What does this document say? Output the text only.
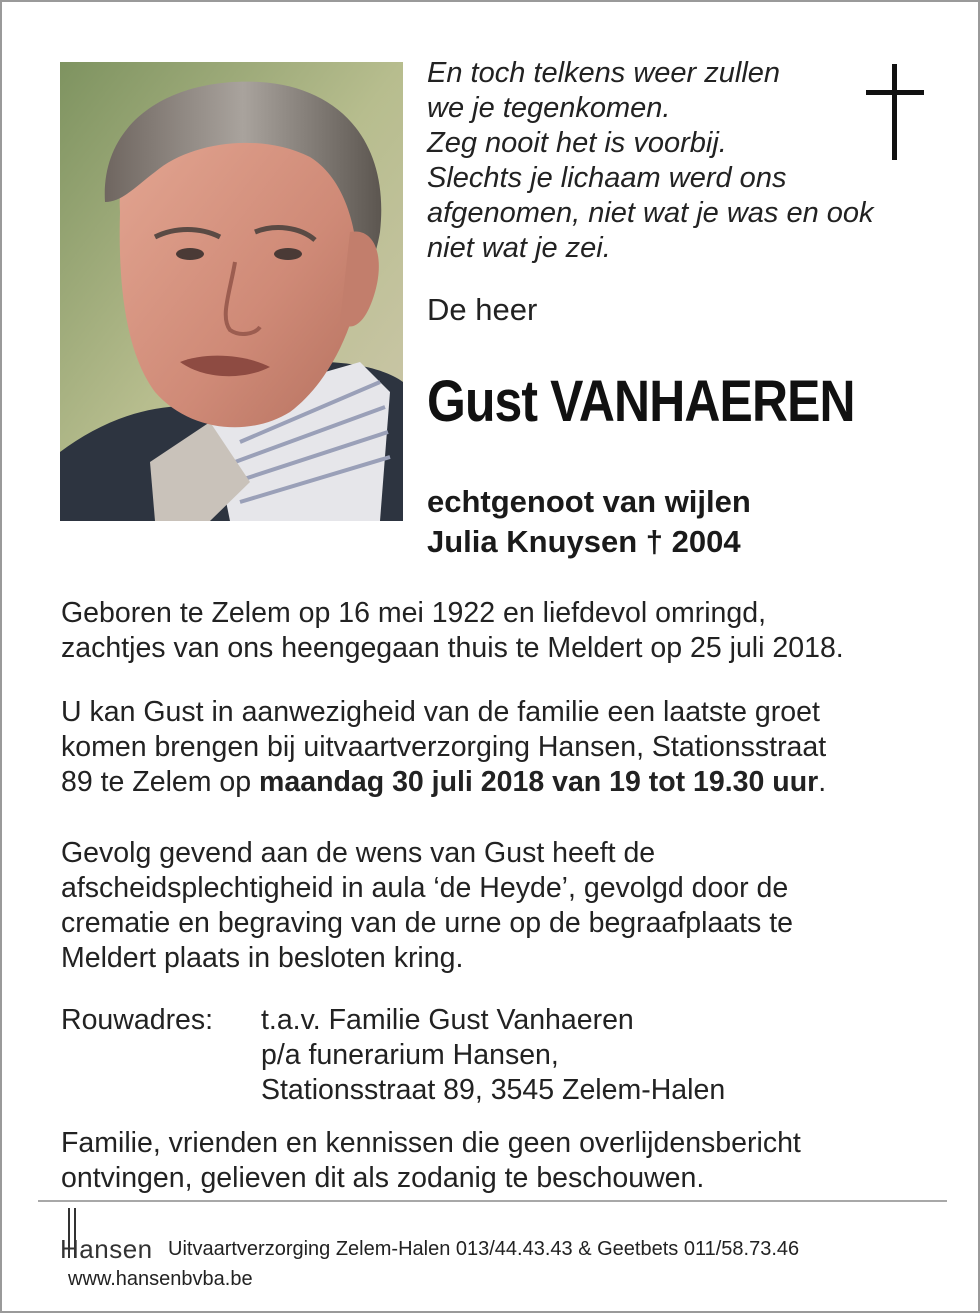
En toch telkens weer zullen
we je tegenkomen.
Zeg nooit het is voorbij.
Slechts je lichaam werd ons
afgenomen, niet wat je was en ook
niet wat je zei.
De heer
Gust VANHAEREN
echtgenoot van wijlen
Julia Knuysen † 2004
Geboren te Zelem op 16 mei 1922 en liefdevol omringd,
zachtjes van ons heengegaan thuis te Meldert op 25 juli 2018.
U kan Gust in aanwezigheid van de familie een laatste groet
komen brengen bij uitvaartverzorging Hansen, Stationsstraat
89 te Zelem op maandag 30 juli 2018 van 19 tot 19.30 uur.
Gevolg gevend aan de wens van Gust heeft de
afscheidsplechtigheid in aula ‘de Heyde’, gevolgd door de
crematie en begraving van de urne op de begraafplaats te
Meldert plaats in besloten kring.
Rouwadres: t.a.v. Familie Gust Vanhaeren
p/a funerarium Hansen,
Stationsstraat 89, 3545 Zelem-Halen
Familie, vrienden en kennissen die geen overlijdensbericht
ontvingen, gelieven dit als zodanig te beschouwen.
Hansen Uitvaartverzorging Zelem-Halen 013/44.43.43 & Geetbets 011/58.73.46
www.hansenbvba.be
